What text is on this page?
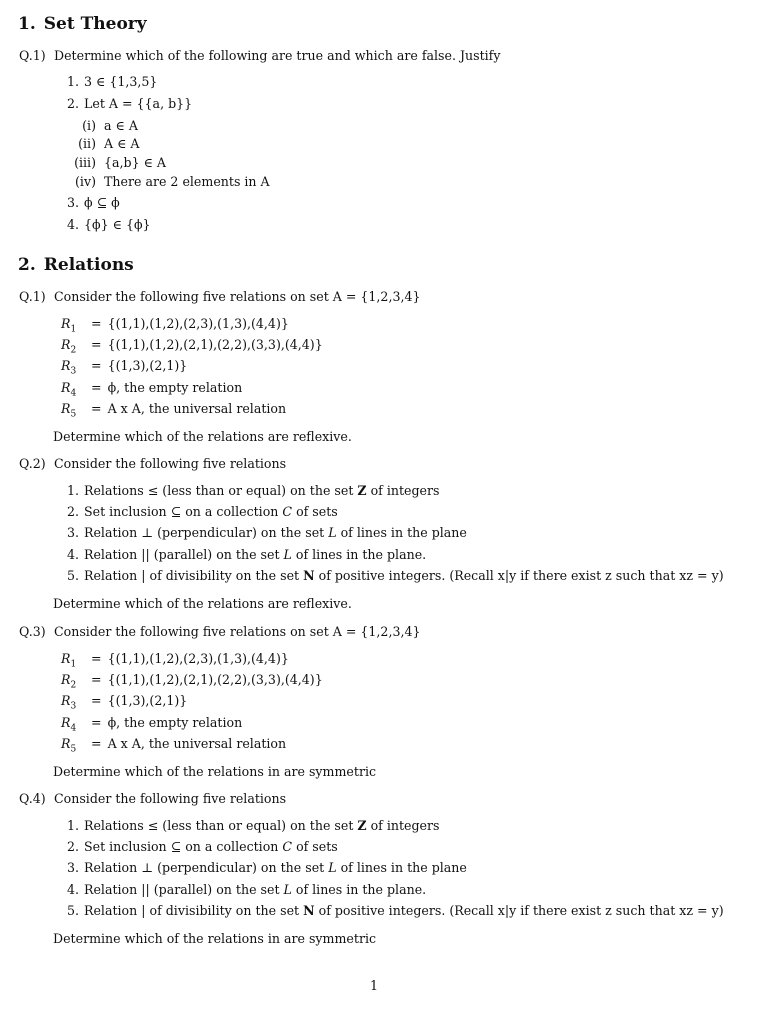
1. Set Theory
Q.1) Determine which of the following are true and which are false. Justify
1. 3 ∈ {1,3,5}
2. Let A = {{a, b}}
(i) a ∈ A
(ii) A ∈ A
(iii) {a,b} ∈ A
(iv) There are 2 elements in A
3. ϕ ⊆ ϕ
4. {ϕ} ∈ {ϕ}
2. Relations
Q.1) Consider the following five relations on set A = {1,2,3,4}
$R_1 = \{(1,1),(1,2),(2,3),(1,3),(4,4)\}$
$R_2 = \{(1,1),(1,2),(2,1),(2,2),(3,3),(4,4)\}$
$R_3 = \{(1,3),(2,1)\}$
$R_4 = \phi$, the empty relation
$R_5 = A$ x A, the universal relation
Determine which of the relations are reflexive.
Q.2) Consider the following five relations
1. Relations ≤ (less than or equal) on the set Z of integers
2. Set inclusion ⊆ on a collection C of sets
3. Relation ⊥ (perpendicular) on the set L of lines in the plane
4. Relation || (parallel) on the set L of lines in the plane.
5. Relation | of divisibility on the set N of positive integers. (Recall x|y if there exist z such that xz = y)
Determine which of the relations are reflexive.
Q.3) Consider the following five relations on set A = {1,2,3,4}
$R_1 = \{(1,1),(1,2),(2,3),(1,3),(4,4)\}$
$R_2 = \{(1,1),(1,2),(2,1),(2,2),(3,3),(4,4)\}$
$R_3 = \{(1,3),(2,1)\}$
$R_4 = \phi$, the empty relation
$R_5 = A$ x A, the universal relation
Determine which of the relations in are symmetric
Q.4) Consider the following five relations
1. Relations ≤ (less than or equal) on the set Z of integers
2. Set inclusion ⊆ on a collection C of sets
3. Relation ⊥ (perpendicular) on the set L of lines in the plane
4. Relation || (parallel) on the set L of lines in the plane.
5. Relation | of divisibility on the set N of positive integers. (Recall x|y if there exist z such that xz = y)
Determine which of the relations in are symmetric
1
